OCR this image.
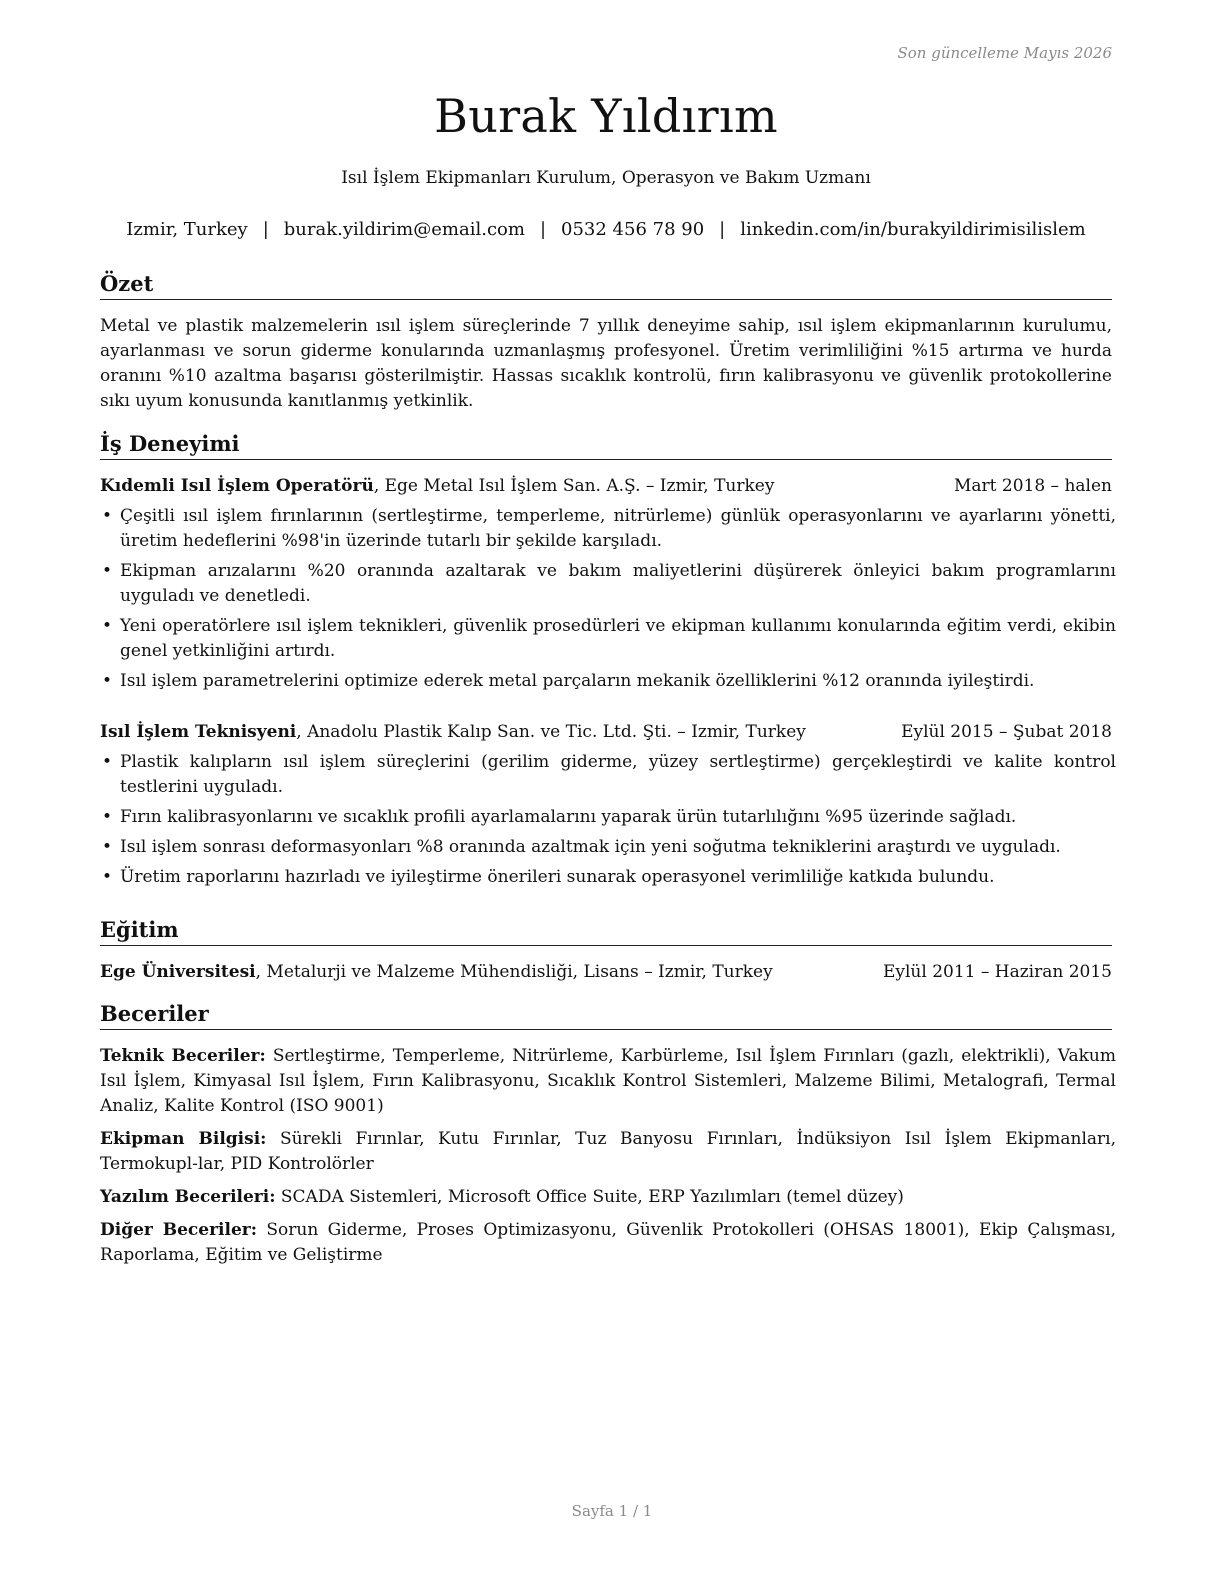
Son güncelleme Mayıs 2026
Burak Yıldırım
Isıl İşlem Ekipmanları Kurulum, Operasyon ve Bakım Uzmanı
Izmir, Turkey | burak.yildirim@email.com | 0532 456 78 90 | linkedin.com/in/burakyildirimisilislem
Özet
Metal ve plastik malzemelerin ısıl işlem süreçlerinde 7 yıllık deneyime sahip, ısıl işlem ekipmanlarının kurulumu, ayarlanması ve sorun giderme konularında uzmanlaşmış profesyonel. Üretim verimliliğini %15 artırma ve hurda oranını %10 azaltma başarısı gösterilmiştir. Hassas sıcaklık kontrolü, fırın kalibrasyonu ve güvenlik protokollerine sıkı uyum konusunda kanıtlanmış yetkinlik.
İş Deneyimi
Kıdemli Isıl İşlem Operatörü, Ege Metal Isıl İşlem San. A.Ş. – Izmir, Turkey	Mart 2018 – halen
• Çeşitli ısıl işlem fırınlarının (sertleştirme, temperleme, nitrürleme) günlük operasyonlarını ve ayarlarını yönetti, üretim hedeflerini %98'in üzerinde tutarlı bir şekilde karşıladı.
• Ekipman arızalarını %20 oranında azaltarak ve bakım maliyetlerini düşürerek önleyici bakım programlarını uyguladı ve denetledi.
• Yeni operatörlere ısıl işlem teknikleri, güvenlik prosedürleri ve ekipman kullanımı konularında eğitim verdi, ekibin genel yetkinliğini artırdı.
• Isıl işlem parametrelerini optimize ederek metal parçaların mekanik özelliklerini %12 oranında iyileştirdi.
Isıl İşlem Teknisyeni, Anadolu Plastik Kalıp San. ve Tic. Ltd. Şti. – Izmir, Turkey	Eylül 2015 – Şubat 2018
• Plastik kalıpların ısıl işlem süreçlerini (gerilim giderme, yüzey sertleştirme) gerçekleştirdi ve kalite kontrol testlerini uyguladı.
• Fırın kalibrasyonlarını ve sıcaklık profili ayarlamalarını yaparak ürün tutarlılığını %95 üzerinde sağladı.
• Isıl işlem sonrası deformasyonları %8 oranında azaltmak için yeni soğutma tekniklerini araştırdı ve uyguladı.
• Üretim raporlarını hazırladı ve iyileştirme önerileri sunarak operasyonel verimliliğe katkıda bulundu.
Eğitim
Ege Üniversitesi, Metalurji ve Malzeme Mühendisliği, Lisans – Izmir, Turkey	Eylül 2011 – Haziran 2015
Beceriler
Teknik Beceriler: Sertleştirme, Temperleme, Nitrürleme, Karbürleme, Isıl İşlem Fırınları (gazlı, elektrikli), Vakum Isıl İşlem, Kimyasal Isıl İşlem, Fırın Kalibrasyonu, Sıcaklık Kontrol Sistemleri, Malzeme Bilimi, Metalografi, Termal Analiz, Kalite Kontrol (ISO 9001)
Ekipman Bilgisi: Sürekli Fırınlar, Kutu Fırınlar, Tuz Banyosu Fırınları, İndüksiyon Isıl İşlem Ekipmanları, Termokupl-lar, PID Kontrolörler
Yazılım Becerileri: SCADA Sistemleri, Microsoft Office Suite, ERP Yazılımları (temel düzey)
Diğer Beceriler: Sorun Giderme, Proses Optimizasyonu, Güvenlik Protokolleri (OHSAS 18001), Ekip Çalışması, Raporlama, Eğitim ve Geliştirme
Sayfa 1 / 1
